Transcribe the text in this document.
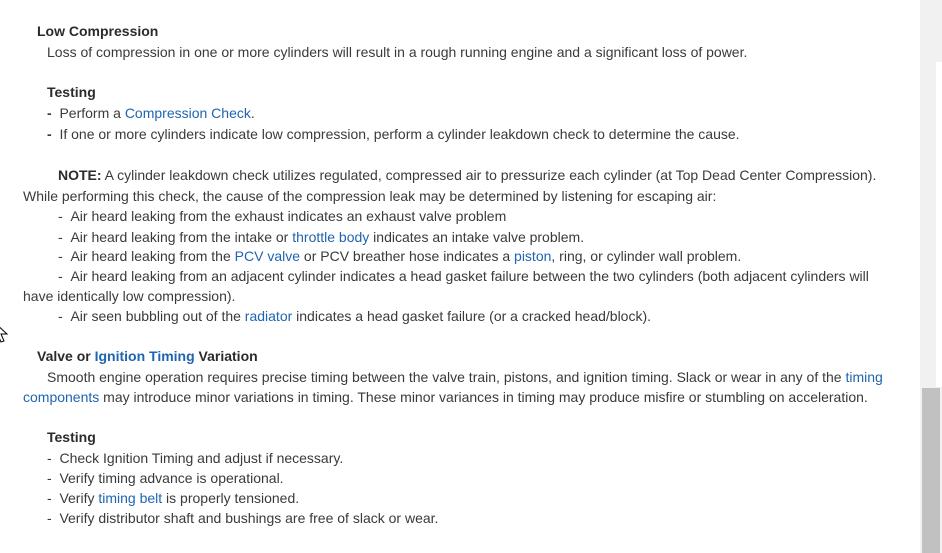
Low Compression
Loss of compression in one or more cylinders will result in a rough running engine and a significant loss of power.
Testing
- Perform a Compression Check.
- If one or more cylinders indicate low compression, perform a cylinder leakdown check to determine the cause.
NOTE: A cylinder leakdown check utilizes regulated, compressed air to pressurize each cylinder (at Top Dead Center Compression).
While performing this check, the cause of the compression leak may be determined by listening for escaping air:
- Air heard leaking from the exhaust indicates an exhaust valve problem
- Air heard leaking from the intake or throttle body indicates an intake valve problem.
- Air heard leaking from the PCV valve or PCV breather hose indicates a piston, ring, or cylinder wall problem.
- Air heard leaking from an adjacent cylinder indicates a head gasket failure between the two cylinders (both adjacent cylinders will
have identically low compression).
- Air seen bubbling out of the radiator indicates a head gasket failure (or a cracked head/block).
Valve or Ignition Timing Variation
Smooth engine operation requires precise timing between the valve train, pistons, and ignition timing. Slack or wear in any of the timing
components may introduce minor variations in timing. These minor variances in timing may produce misfire or stumbling on acceleration.
Testing
- Check Ignition Timing and adjust if necessary.
- Verify timing advance is operational.
- Verify timing belt is properly tensioned.
- Verify distributor shaft and bushings are free of slack or wear.
